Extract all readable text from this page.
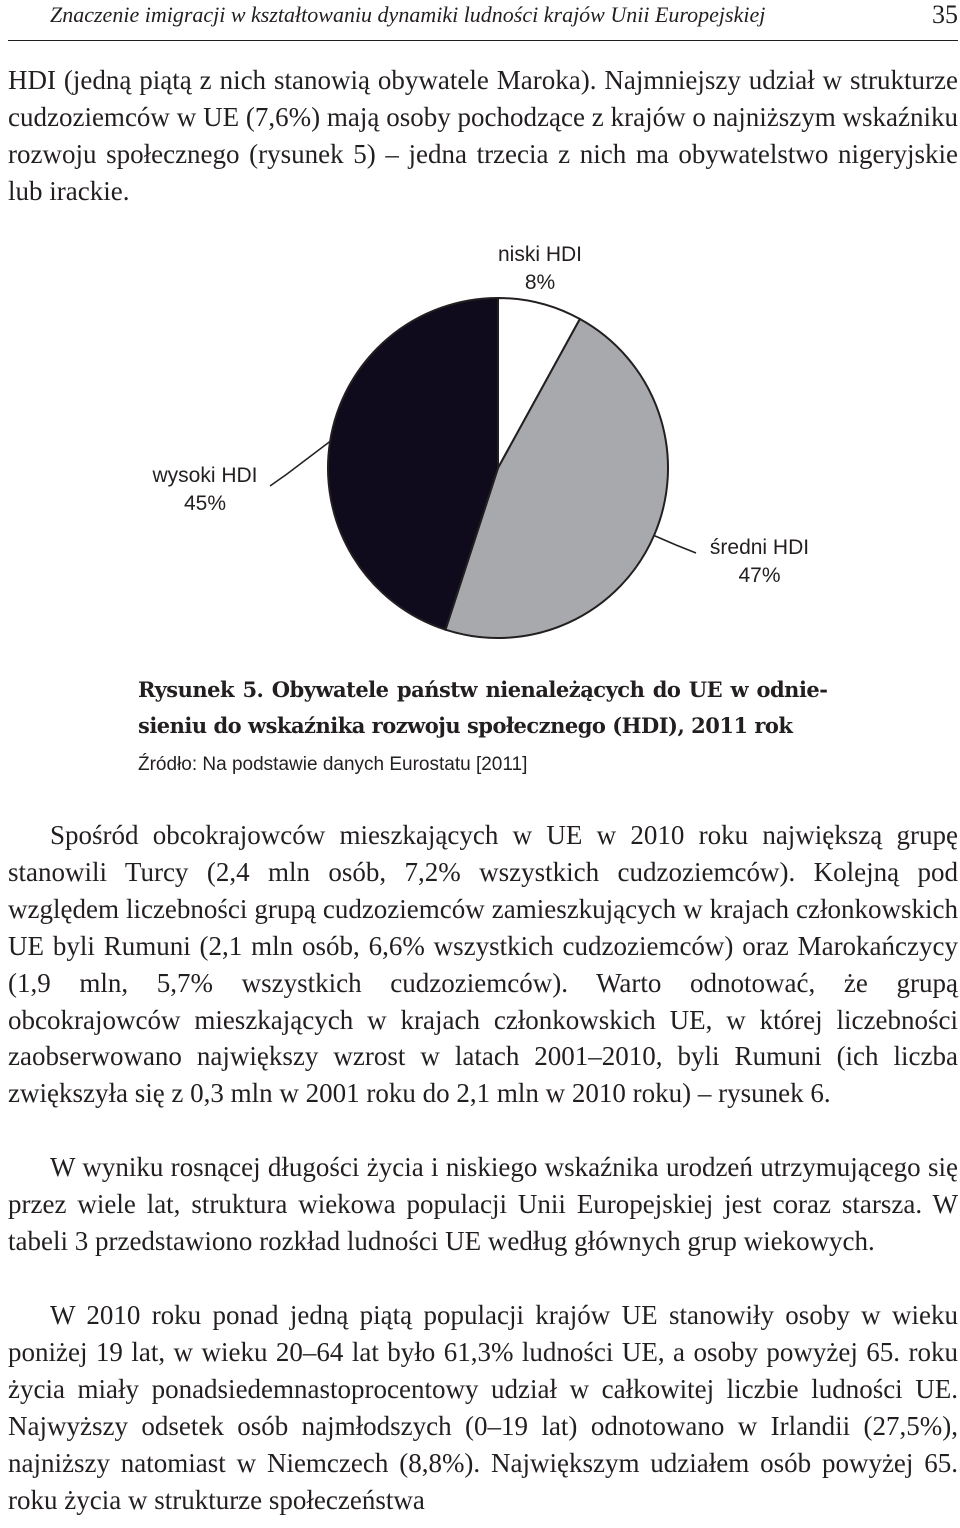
Znaczenie imigracji w kształtowaniu dynamiki ludności krajów Unii Europejskiej	35

HDI (jedną piątą z nich stanowią obywatele Maroka). Najmniejszy udział w strukturze cudzoziemców w UE (7,6%) mają osoby pochodzące z krajów o najniższym wskaźniku rozwoju społecznego (rysunek 5) – jedna trzecia z nich ma obywatelstwo nigeryjskie lub irackie.

niski HDI
8%
wysoki HDI
45%
średni HDI
47%

Rysunek 5. Obywatele państw nienależących do UE w odniesieniu do wskaźnika rozwoju społecznego (HDI), 2011 rok

Źródło: Na podstawie danych Eurostatu [2011]

Spośród obcokrajowców mieszkających w UE w 2010 roku największą grupę stanowili Turcy (2,4 mln osób, 7,2% wszystkich cudzoziemców). Kolejną pod względem liczebności grupą cudzoziemców zamieszkujących w krajach członkowskich UE byli Rumuni (2,1 mln osób, 6,6% wszystkich cudzoziemców) oraz Marokańczycy (1,9 mln, 5,7% wszystkich cudzoziemców). Warto odnotować, że grupą obcokrajowców mieszkających w krajach członkowskich UE, w której liczebności zaobserwowano największy wzrost w latach 2001–2010, byli Rumuni (ich liczba zwiększyła się z 0,3 mln w 2001 roku do 2,1 mln w 2010 roku) – rysunek 6.

W wyniku rosnącej długości życia i niskiego wskaźnika urodzeń utrzymującego się przez wiele lat, struktura wiekowa populacji Unii Europejskiej jest coraz starsza. W tabeli 3 przedstawiono rozkład ludności UE według głównych grup wiekowych.

W 2010 roku ponad jedną piątą populacji krajów UE stanowiły osoby w wieku poniżej 19 lat, w wieku 20–64 lat było 61,3% ludności UE, a osoby powyżej 65. roku życia miały ponadsiedemnastoprocentowy udział w całkowitej liczbie ludności UE. Najwyższy odsetek osób najmłodszych (0–19 lat) odnotowano w Irlandii (27,5%), najniższy natomiast w Niemczech (8,8%). Największym udziałem osób powyżej 65. roku życia w strukturze społeczeństwa
